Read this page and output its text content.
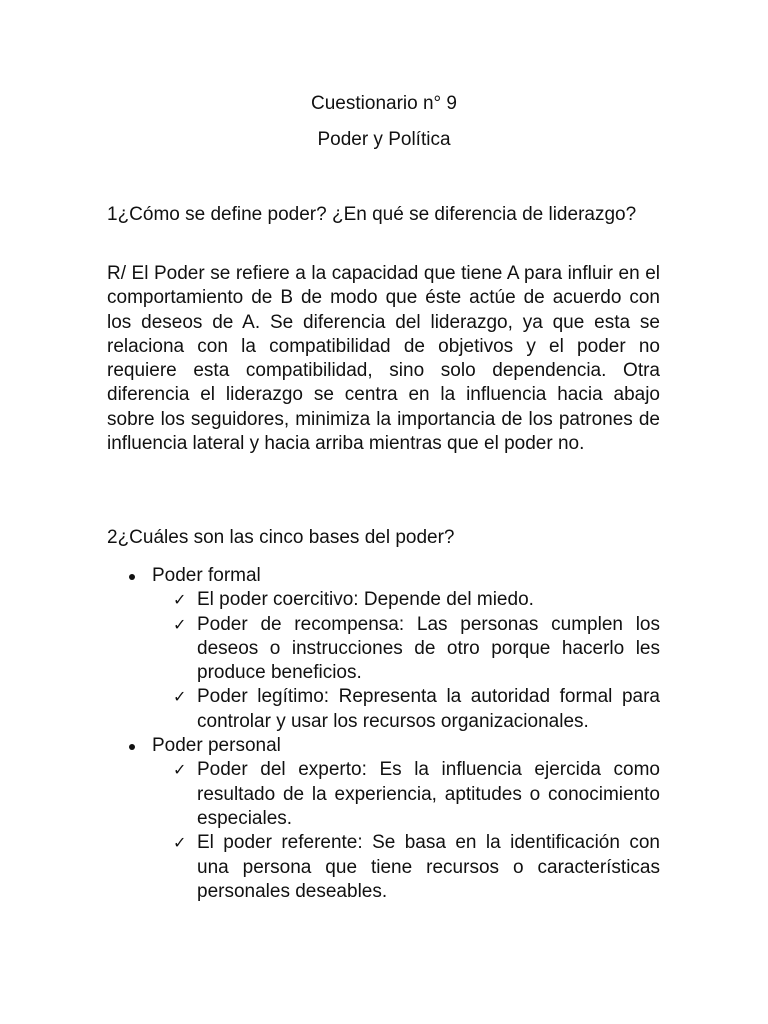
Cuestionario n° 9
Poder y Política
1¿Cómo se define poder? ¿En qué se diferencia de liderazgo?
R/ El Poder se refiere a la capacidad que tiene A para influir en el comportamiento de B de modo que éste actúe de acuerdo con los deseos de A. Se diferencia del liderazgo, ya que esta se relaciona con la compatibilidad de objetivos y el poder no requiere esta compatibilidad, sino solo dependencia. Otra diferencia el liderazgo se centra en la influencia hacia abajo sobre los seguidores, minimiza la importancia de los patrones de influencia lateral y hacia arriba mientras que el poder no.
2¿Cuáles son las cinco bases del poder?
Poder formal
✓ El poder coercitivo: Depende del miedo.
✓ Poder de recompensa: Las personas cumplen los deseos o instrucciones de otro porque hacerlo les produce beneficios.
✓ Poder legítimo: Representa la autoridad formal para controlar y usar los recursos organizacionales.
Poder personal
✓ Poder del experto: Es la influencia ejercida como resultado de la experiencia, aptitudes o conocimiento especiales.
✓ El poder referente: Se basa en la identificación con una persona que tiene recursos o características personales deseables.
